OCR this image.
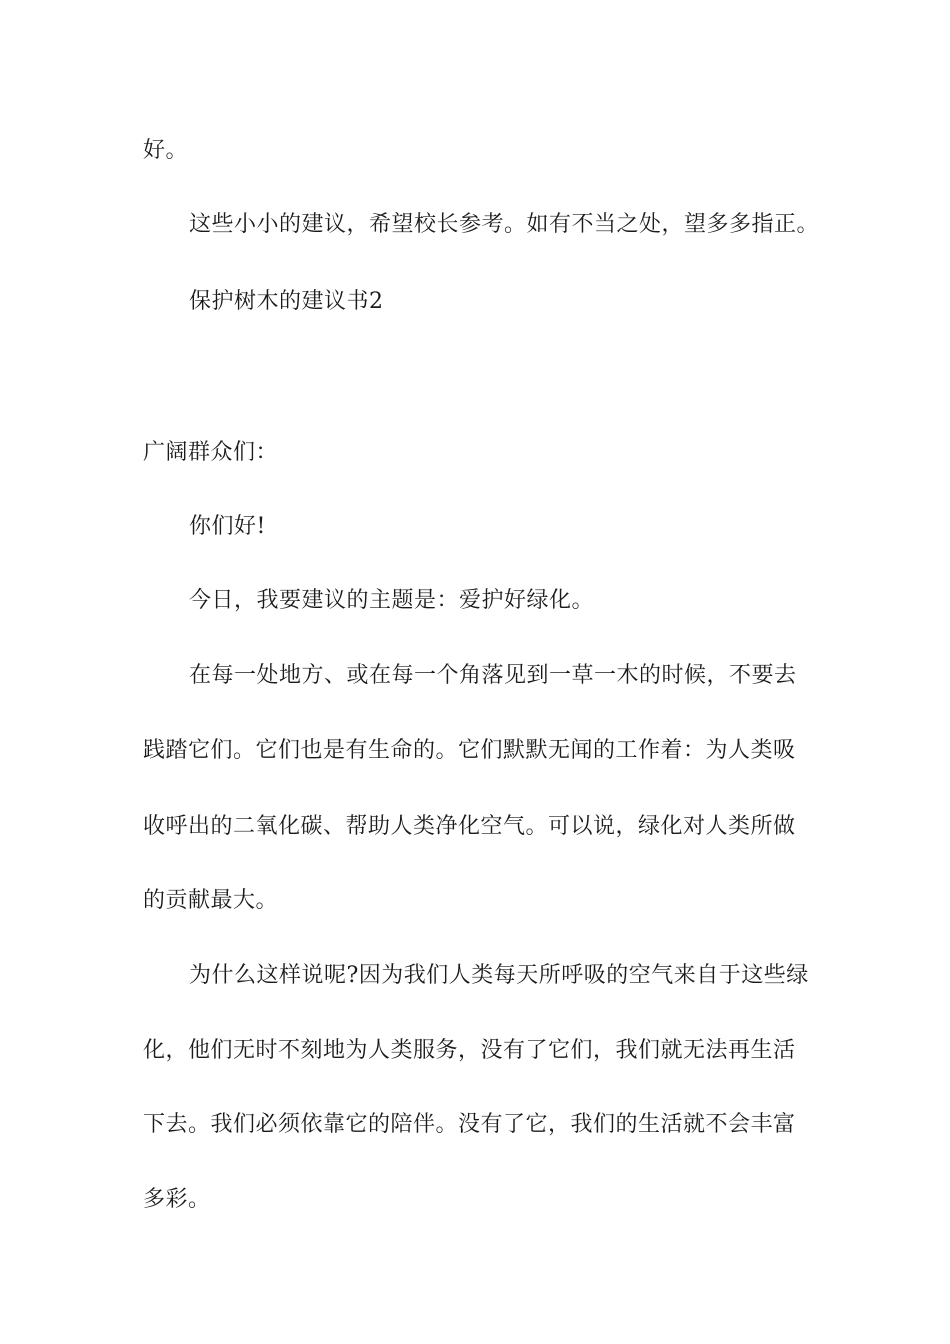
好。
这些小小的建议，希望校长参考。如有不当之处，望多多指正。
保护树木的建议书2
广阔群众们：
你们好!
今日，我要建议的主题是：爱护好绿化。
在每一处地方、或在每一个角落见到一草一木的时候，不要去
践踏它们。它们也是有生命的。它们默默无闻的工作着：为人类吸
收呼出的二氧化碳、帮助人类净化空气。可以说，绿化对人类所做
的贡献最大。
为什么这样说呢?因为我们人类每天所呼吸的空气来自于这些绿
化，他们无时不刻地为人类服务，没有了它们，我们就无法再生活
下去。我们必须依靠它的陪伴。没有了它，我们的生活就不会丰富
多彩。
